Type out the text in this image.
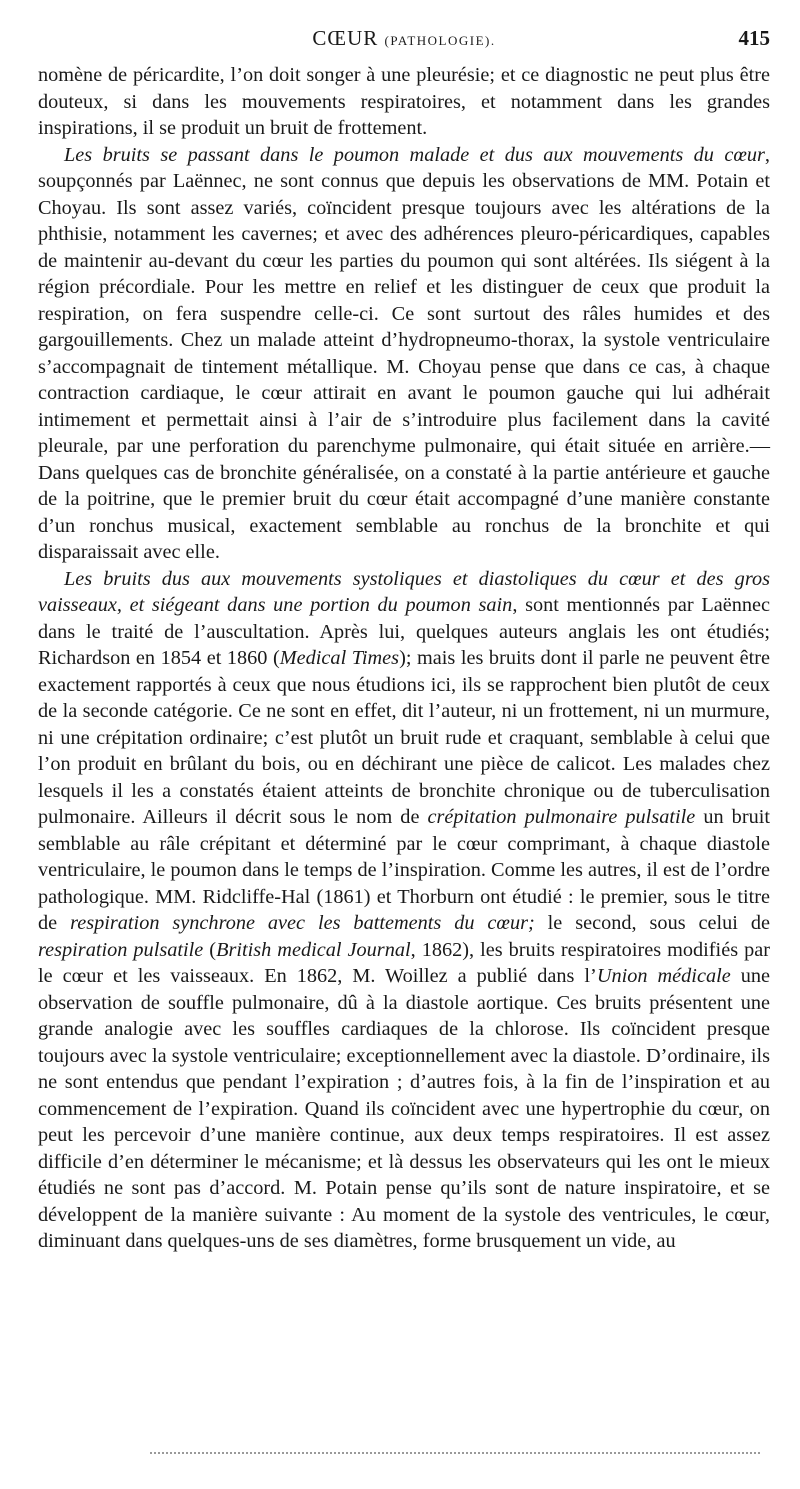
CŒUR (PATHOLOGIE).	415

nomène de péricardite, l’on doit songer à une pleurésie; et ce diagnostic ne peut plus être douteux, si dans les mouvements respiratoires, et notamment dans les grandes inspirations, il se produit un bruit de frottement.

Les bruits se passant dans le poumon malade et dus aux mouvements du cœur, soupçonnés par Laënnec, ne sont connus que depuis les observations de MM. Potain et Choyau. Ils sont assez variés, coïncident presque toujours avec les altérations de la phthisie, notamment les cavernes; et avec des adhérences pleuro-péricardiques, capables de maintenir au-devant du cœur les parties du poumon qui sont altérées. Ils siégent à la région précordiale. Pour les mettre en relief et les distinguer de ceux que produit la respiration, on fera suspendre celle-ci. Ce sont surtout des râles humides et des gargouillements. Chez un malade atteint d’hydropneumo-thorax, la systole ventriculaire s’accompagnait de tintement métallique. M. Choyau pense que dans ce cas, à chaque contraction cardiaque, le cœur attirait en avant le poumon gauche qui lui adhérait intimement et permettait ainsi à l’air de s’introduire plus facilement dans la cavité pleurale, par une perforation du parenchyme pulmonaire, qui était située en arrière.—Dans quelques cas de bronchite généralisée, on a constaté à la partie antérieure et gauche de la poitrine, que le premier bruit du cœur était accompagné d’une manière constante d’un ronchus musical, exactement semblable au ronchus de la bronchite et qui disparaissait avec elle.

Les bruits dus aux mouvements systoliques et diastoliques du cœur et des gros vaisseaux, et siégeant dans une portion du poumon sain, sont mentionnés par Laënnec dans le traité de l’auscultation. Après lui, quelques auteurs anglais les ont étudiés; Richardson en 1854 et 1860 (Medical Times); mais les bruits dont il parle ne peuvent être exactement rapportés à ceux que nous étudions ici, ils se rapprochent bien plutôt de ceux de la seconde catégorie. Ce ne sont en effet, dit l’auteur, ni un frottement, ni un murmure, ni une crépitation ordinaire; c’est plutôt un bruit rude et craquant, semblable à celui que l’on produit en brûlant du bois, ou en déchirant une pièce de calicot. Les malades chez lesquels il les a constatés étaient atteints de bronchite chronique ou de tuberculisation pulmonaire. Ailleurs il décrit sous le nom de crépitation pulmonaire pulsatile un bruit semblable au râle crépitant et déterminé par le cœur comprimant, à chaque diastole ventriculaire, le poumon dans le temps de l’inspiration. Comme les autres, il est de l’ordre pathologique. MM. Ridcliffe-Hal (1861) et Thorburn ont étudié : le premier, sous le titre de respiration synchrone avec les battements du cœur; le second, sous celui de respiration pulsatile (British medical Journal, 1862), les bruits respiratoires modifiés par le cœur et les vaisseaux. En 1862, M. Woillez a publié dans l’Union médicale une observation de souffle pulmonaire, dû à la diastole aortique. Ces bruits présentent une grande analogie avec les souffles cardiaques de la chlorose. Ils coïncident presque toujours avec la systole ventriculaire; exceptionnellement avec la diastole. D’ordinaire, ils ne sont entendus que pendant l’expiration ; d’autres fois, à la fin de l’inspiration et au commencement de l’expiration. Quand ils coïncident avec une hypertrophie du cœur, on peut les percevoir d’une manière continue, aux deux temps respiratoires. Il est assez difficile d’en déterminer le mécanisme; et là dessus les observateurs qui les ont le mieux étudiés ne sont pas d’accord. M. Potain pense qu’ils sont de nature inspiratoire, et se développent de la manière suivante : Au moment de la systole des ventricules, le cœur, diminuant dans quelques-uns de ses diamètres, forme brusquement un vide, au
